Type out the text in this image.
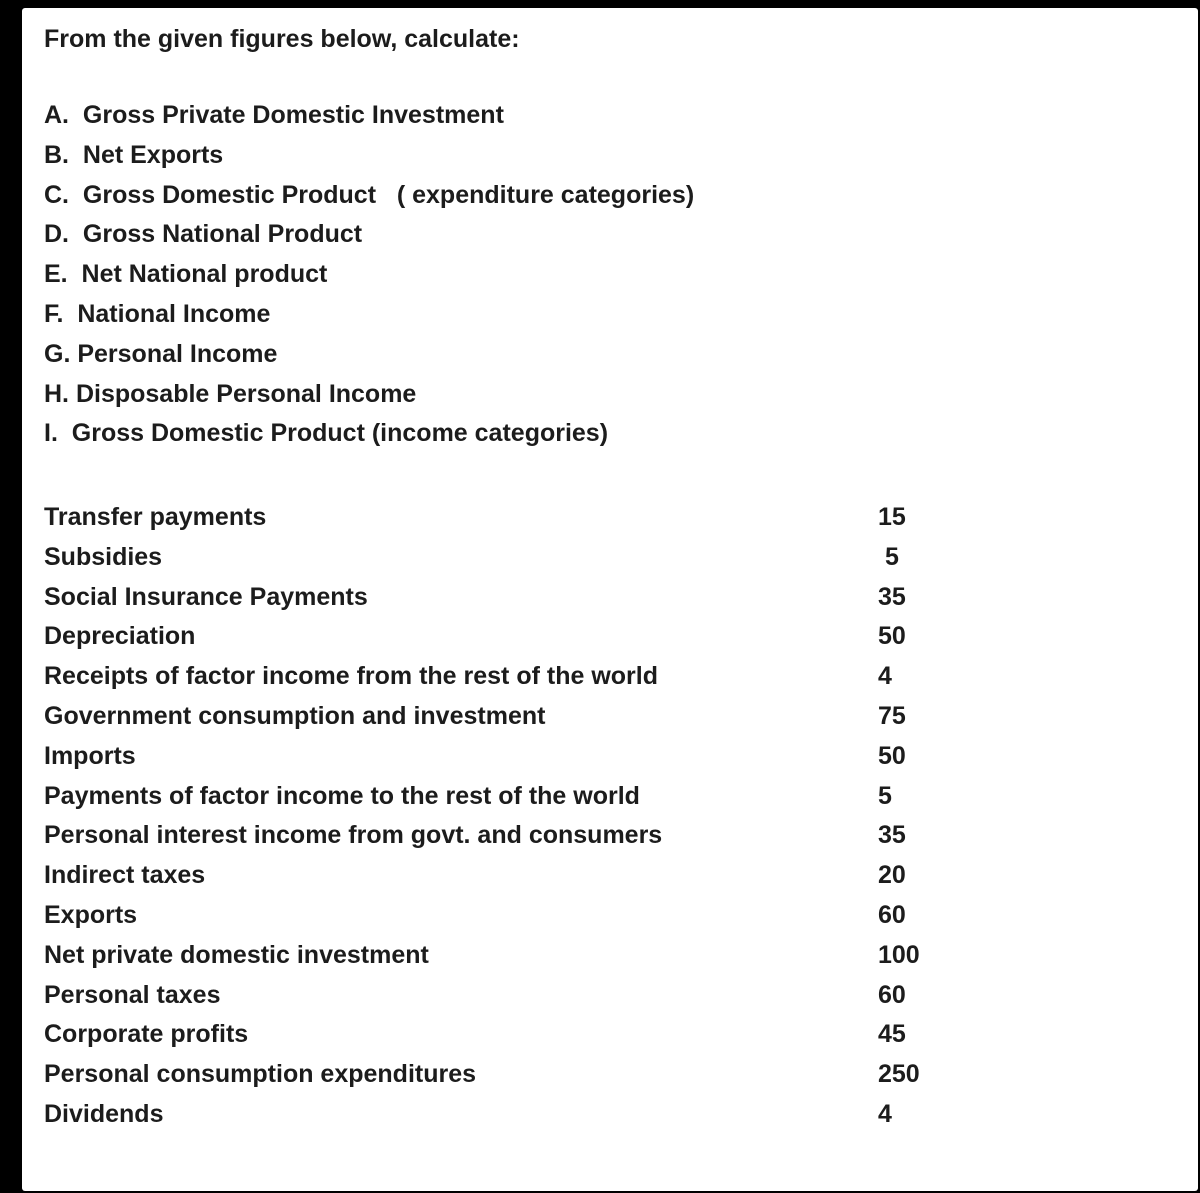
From the given figures below, calculate:

A.  Gross Private Domestic Investment
B.  Net Exports
C.  Gross Domestic Product   ( expenditure categories)
D.  Gross National Product
E.  Net National product
F.  National Income
G. Personal Income
H. Disposable Personal Income
I.  Gross Domestic Product (income categories)
Transfer payments	15
Subsidies	5
Social Insurance Payments	35
Depreciation	50
Receipts of factor income from the rest of the world	4
Government consumption and investment	75
Imports	50
Payments of factor income to the rest of the world	5
Personal interest income from govt. and consumers	35
Indirect taxes	20
Exports	60
Net private domestic investment	100
Personal taxes	60
Corporate profits	45
Personal consumption expenditures	250
Dividends	4
